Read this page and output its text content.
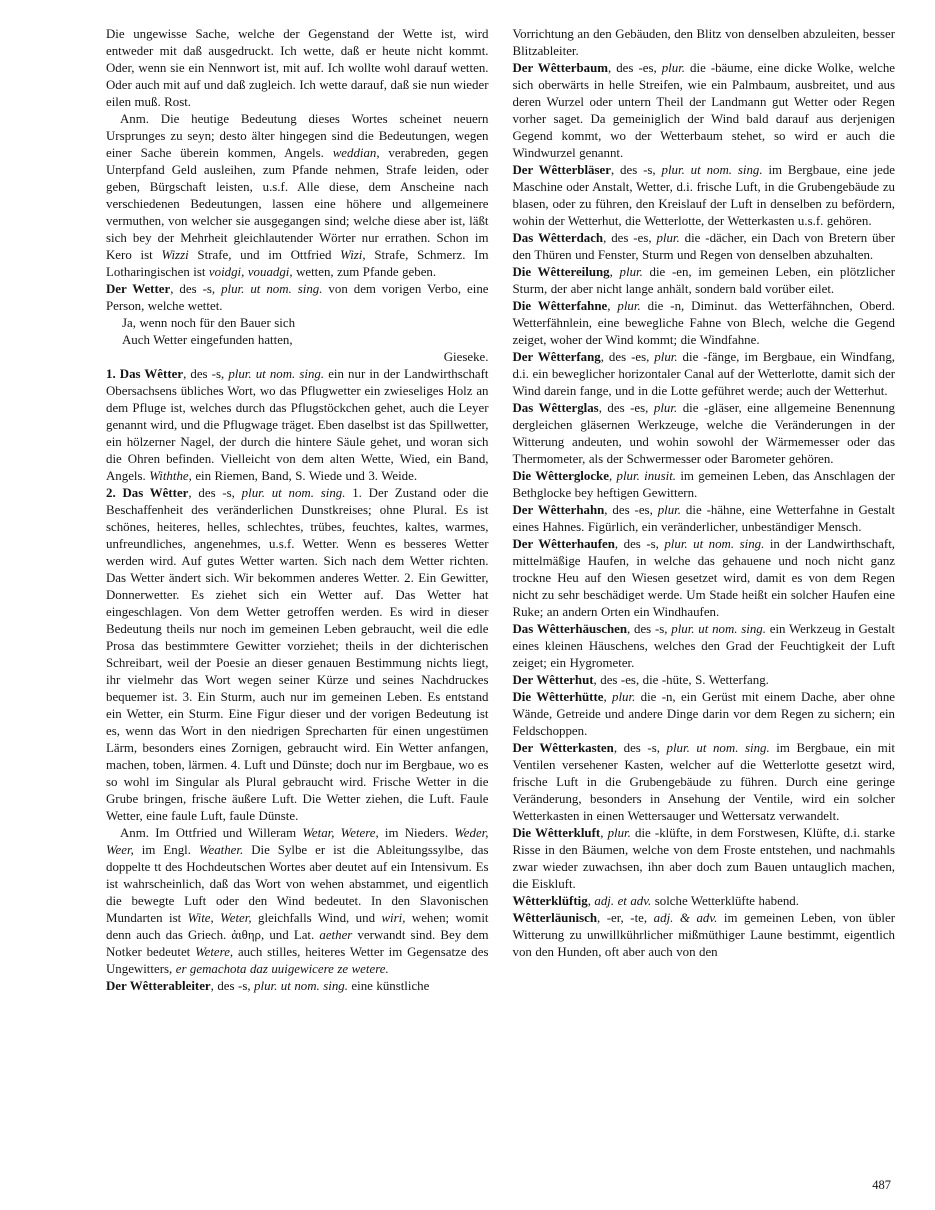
Die ungewisse Sache, welche der Gegenstand der Wette ist, wird entweder mit daß ausgedruckt. Ich wette, daß er heute nicht kommt. Oder, wenn sie ein Nennwort ist, mit auf. Ich wollte wohl darauf wetten. Oder auch mit auf und daß zugleich. Ich wette darauf, daß sie nun wieder eilen muß. Rost.

Anm. Die heutige Bedeutung dieses Wortes scheinet neuern Ursprunges zu seyn; desto älter hingegen sind die Bedeutungen, wegen einer Sache überein kommen, Angels. weddian, verabreden, gegen Unterpfand Geld ausleihen, zum Pfande nehmen, Strafe leiden, oder geben, Bürgschaft leisten, u.s.f. Alle diese, dem Anscheine nach verschiedenen Bedeutungen, lassen eine höhere und allgemeinere vermuthen, von welcher sie ausgegangen sind; welche diese aber ist, läßt sich bey der Mehrheit gleichlautender Wörter nur errathen. Schon im Kero ist Wizzi Strafe, und im Ottfried Wizi, Strafe, Schmerz. Im Lotharingischen ist voidgi, vouadgi, wetten, zum Pfande geben.

Der Wetter, des -s, plur. ut nom. sing. von dem vorigen Verbo, eine Person, welche wettet.

Ja, wenn noch für den Bauer sich

Auch Wetter eingefunden hatten,

Gieseke.

1. Das Wêtter, des -s, plur. ut nom. sing. ein nur in der Landwirthschaft Obersachsens übliches Wort, wo das Pflugwetter ein zwieseliges Holz an dem Pfluge ist, welches durch das Pflugstöckchen gehet, auch die Leyer genannt wird, und die Pflugwage träget. Eben daselbst ist das Spillwetter, ein hölzerner Nagel, der durch die hintere Säule gehet, und woran sich die Ohren befinden. Vielleicht von dem alten Wette, Wied, ein Band, Angels. Withthe, ein Riemen, Band, S. Wiede und 3. Weide.

2. Das Wêtter, des -s, plur. ut nom. sing. 1. Der Zustand oder die Beschaffenheit des veränderlichen Dunstkreises; ohne Plural. Es ist schönes, heiteres, helles, schlechtes, trübes, feuchtes, kaltes, warmes, unfreundliches, angenehmes, u.s.f. Wetter. Wenn es besseres Wetter werden wird. Auf gutes Wetter warten. Sich nach dem Wetter richten. Das Wetter ändert sich. Wir bekommen anderes Wetter. 2. Ein Gewitter, Donnerwetter. Es ziehet sich ein Wetter auf. Das Wetter hat eingeschlagen. Von dem Wetter getroffen werden. Es wird in dieser Bedeutung theils nur noch im gemeinen Leben gebraucht, weil die edle Prosa das bestimmtere Gewitter vorziehet; theils in der dichterischen Schreibart, weil der Poesie an dieser genauen Bestimmung nichts liegt, ihr vielmehr das Wort wegen seiner Kürze und seines Nachdruckes bequemer ist. 3. Ein Sturm, auch nur im gemeinen Leben. Es entstand ein Wetter, ein Sturm. Eine Figur dieser und der vorigen Bedeutung ist es, wenn das Wort in den niedrigen Sprecharten für einen ungestümen Lärm, besonders eines Zornigen, gebraucht wird. Ein Wetter anfangen, machen, toben, lärmen. 4. Luft und Dünste; doch nur im Bergbaue, wo es so wohl im Singular als Plural gebraucht wird. Frische Wetter in die Grube bringen, frische äußere Luft. Die Wetter ziehen, die Luft. Faule Wetter, eine faule Luft, faule Dünste.

Anm. Im Ottfried und Willeram Wetar, Wetere, im Nieders. Weder, Weer, im Engl. Weather. Die Sylbe er ist die Ableitungssylbe, das doppelte tt des Hochdeutschen Wortes aber deutet auf ein Intensivum. Es ist wahrscheinlich, daß das Wort von wehen abstammet, und eigentlich die bewegte Luft oder den Wind bedeutet. In den Slavonischen Mundarten ist Wite, Weter, gleichfalls Wind, und wiri, wehen; womit denn auch das Griech. ἀιθηρ, und Lat. aether verwandt sind. Bey dem Notker bedeutet Wetere, auch stilles, heiteres Wetter im Gegensatze des Ungewitters, er gemachota daz uuigewicere ze wetere.

Der Wêtterableiter, des -s, plur. ut nom. sing. eine künstliche

Vorrichtung an den Gebäuden, den Blitz von denselben abzuleiten, besser Blitzableiter.

Der Wêtterbaum, des -es, plur. die -bäume, eine dicke Wolke, welche sich oberwärts in helle Streifen, wie ein Palmbaum, ausbreitet, und aus deren Wurzel oder untern Theil der Landmann gut Wetter oder Regen vorher saget. Da gemeiniglich der Wind bald darauf aus derjenigen Gegend kommt, wo der Wetterbaum stehet, so wird er auch die Windwurzel genannt.

Der Wêtterbläser, des -s, plur. ut nom. sing. im Bergbaue, eine jede Maschine oder Anstalt, Wetter, d.i. frische Luft, in die Grubengebäude zu blasen, oder zu führen, den Kreislauf der Luft in denselben zu befördern, wohin der Wetterhut, die Wetterlotte, der Wetterkasten u.s.f. gehören.

Das Wêtterdach, des -es, plur. die -dächer, ein Dach von Bretern über den Thüren und Fenster, Sturm und Regen von denselben abzuhalten.

Die Wêttereilung, plur. die -en, im gemeinen Leben, ein plötzlicher Sturm, der aber nicht lange anhält, sondern bald vorüber eilet.

Die Wêtterfahne, plur. die -n, Diminut. das Wetterfähnchen, Oberd. Wetterfähnlein, eine bewegliche Fahne von Blech, welche die Gegend zeiget, woher der Wind kommt; die Windfahne.

Der Wêtterfang, des -es, plur. die -fänge, im Bergbaue, ein Windfang, d.i. ein beweglicher horizontaler Canal auf der Wetterlotte, damit sich der Wind darein fange, und in die Lotte geführet werde; auch der Wetterhut.

Das Wêtterglas, des -es, plur. die -gläser, eine allgemeine Benennung dergleichen gläsernen Werkzeuge, welche die Veränderungen in der Witterung andeuten, und wohin sowohl der Wärmemesser oder das Thermometer, als der Schwermesser oder Barometer gehören.

Die Wêtterglocke, plur. inusit. im gemeinen Leben, das Anschlagen der Bethglocke bey heftigen Gewittern.

Der Wêtterhahn, des -es, plur. die -hähne, eine Wetterfahne in Gestalt eines Hahnes. Figürlich, ein veränderlicher, unbeständiger Mensch.

Der Wêtterhaufen, des -s, plur. ut nom. sing. in der Landwirthschaft, mittelmäßige Haufen, in welche das gehauene und noch nicht ganz trockne Heu auf den Wiesen gesetzet wird, damit es von dem Regen nicht zu sehr beschädiget werde. Um Stade heißt ein solcher Haufen eine Ruke; an andern Orten ein Windhaufen.

Das Wêtterhäuschen, des -s, plur. ut nom. sing. ein Werkzeug in Gestalt eines kleinen Häuschens, welches den Grad der Feuchtigkeit der Luft zeiget; ein Hygrometer.

Der Wêtterhut, des -es, die -hüte, S. Wetterfang.

Die Wêtterhütte, plur. die -n, ein Gerüst mit einem Dache, aber ohne Wände, Getreide und andere Dinge darin vor dem Regen zu sichern; ein Feldschoppen.

Der Wêtterkasten, des -s, plur. ut nom. sing. im Bergbaue, ein mit Ventilen versehener Kasten, welcher auf die Wetterlotte gesetzt wird, frische Luft in die Grubengebäude zu führen. Durch eine geringe Veränderung, besonders in Ansehung der Ventile, wird ein solcher Wetterkasten in einen Wettersauger und Wettersatz verwandelt.

Die Wêtterkluft, plur. die -klüfte, in dem Forstwesen, Klüfte, d.i. starke Risse in den Bäumen, welche von dem Froste entstehen, und nachmahls zwar wieder zuwachsen, ihn aber doch zum Bauen untauglich machen, die Eiskluft.

Wêtterklüftig, adj. et adv. solche Wetterklüfte habend.

Wêtterläunisch, -er, -te, adj. & adv. im gemeinen Leben, von übler Witterung zu unwillkührlicher mißmüthiger Laune bestimmt, eigentlich von den Hunden, oft aber auch von den

487
